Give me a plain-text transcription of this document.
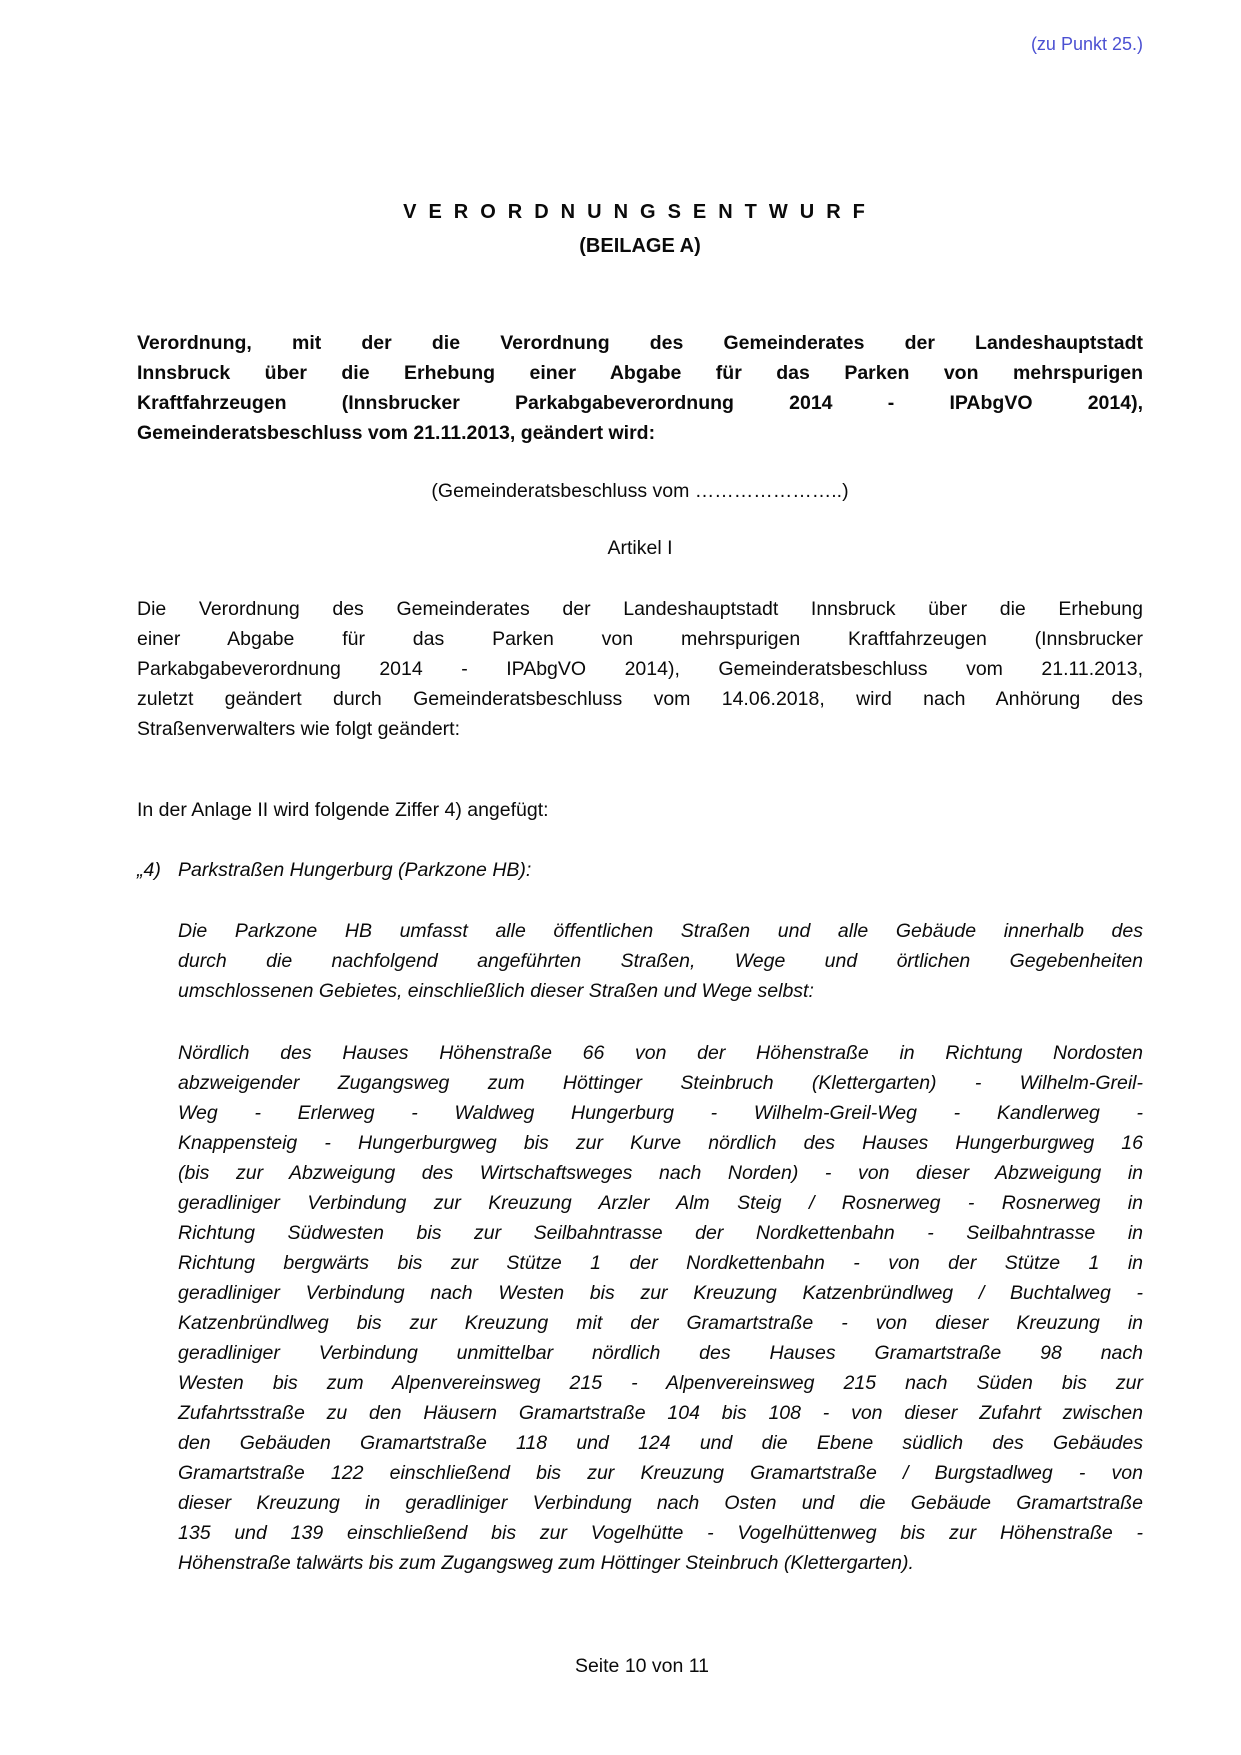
(zu Punkt 25.)
VERORDNUNGSENTWURF
(BEILAGE A)
Verordnung, mit der die Verordnung des Gemeinderates der Landeshauptstadt
Innsbruck über die Erhebung einer Abgabe für das Parken von mehrspurigen
Kraftfahrzeugen (Innsbrucker Parkabgabeverordnung 2014 - IPAbgVO 2014),
Gemeinderatsbeschluss vom 21.11.2013, geändert wird:
(Gemeinderatsbeschluss vom …………………..)
Artikel I
Die Verordnung des Gemeinderates der Landeshauptstadt Innsbruck über die Erhebung
einer Abgabe für das Parken von mehrspurigen Kraftfahrzeugen (Innsbrucker
Parkabgabeverordnung 2014 - IPAbgVO 2014), Gemeinderatsbeschluss vom 21.11.2013,
zuletzt geändert durch Gemeinderatsbeschluss vom 14.06.2018, wird nach Anhörung des
Straßenverwalters wie folgt geändert:
In der Anlage II wird folgende Ziffer 4) angefügt:
„4) Parkstraßen Hungerburg (Parkzone HB):
Die Parkzone HB umfasst alle öffentlichen Straßen und alle Gebäude innerhalb des
durch die nachfolgend angeführten Straßen, Wege und örtlichen Gegebenheiten
umschlossenen Gebietes, einschließlich dieser Straßen und Wege selbst:
Nördlich des Hauses Höhenstraße 66 von der Höhenstraße in Richtung Nordosten
abzweigender Zugangsweg zum Höttinger Steinbruch (Klettergarten) - Wilhelm-Greil-
Weg - Erlerweg - Waldweg Hungerburg - Wilhelm-Greil-Weg - Kandlerweg -
Knappensteig - Hungerburgweg bis zur Kurve nördlich des Hauses Hungerburgweg 16
(bis zur Abzweigung des Wirtschaftsweges nach Norden) - von dieser Abzweigung in
geradliniger Verbindung zur Kreuzung Arzler Alm Steig / Rosnerweg - Rosnerweg in
Richtung Südwesten bis zur Seilbahntrasse der Nordkettenbahn - Seilbahntrasse in
Richtung bergwärts bis zur Stütze 1 der Nordkettenbahn - von der Stütze 1 in
geradliniger Verbindung nach Westen bis zur Kreuzung Katzenbründlweg / Buchtalweg -
Katzenbründlweg bis zur Kreuzung mit der Gramartstraße - von dieser Kreuzung in
geradliniger Verbindung unmittelbar nördlich des Hauses Gramartstraße 98 nach
Westen bis zum Alpenvereinsweg 215 - Alpenvereinsweg 215 nach Süden bis zur
Zufahrtsstraße zu den Häusern Gramartstraße 104 bis 108 - von dieser Zufahrt zwischen
den Gebäuden Gramartstraße 118 und 124 und die Ebene südlich des Gebäudes
Gramartstraße 122 einschließend bis zur Kreuzung Gramartstraße / Burgstadlweg - von
dieser Kreuzung in geradliniger Verbindung nach Osten und die Gebäude Gramartstraße
135 und 139 einschließend bis zur Vogelhütte - Vogelhüttenweg bis zur Höhenstraße -
Höhenstraße talwärts bis zum Zugangsweg zum Höttinger Steinbruch (Klettergarten).
Seite 10 von 11
